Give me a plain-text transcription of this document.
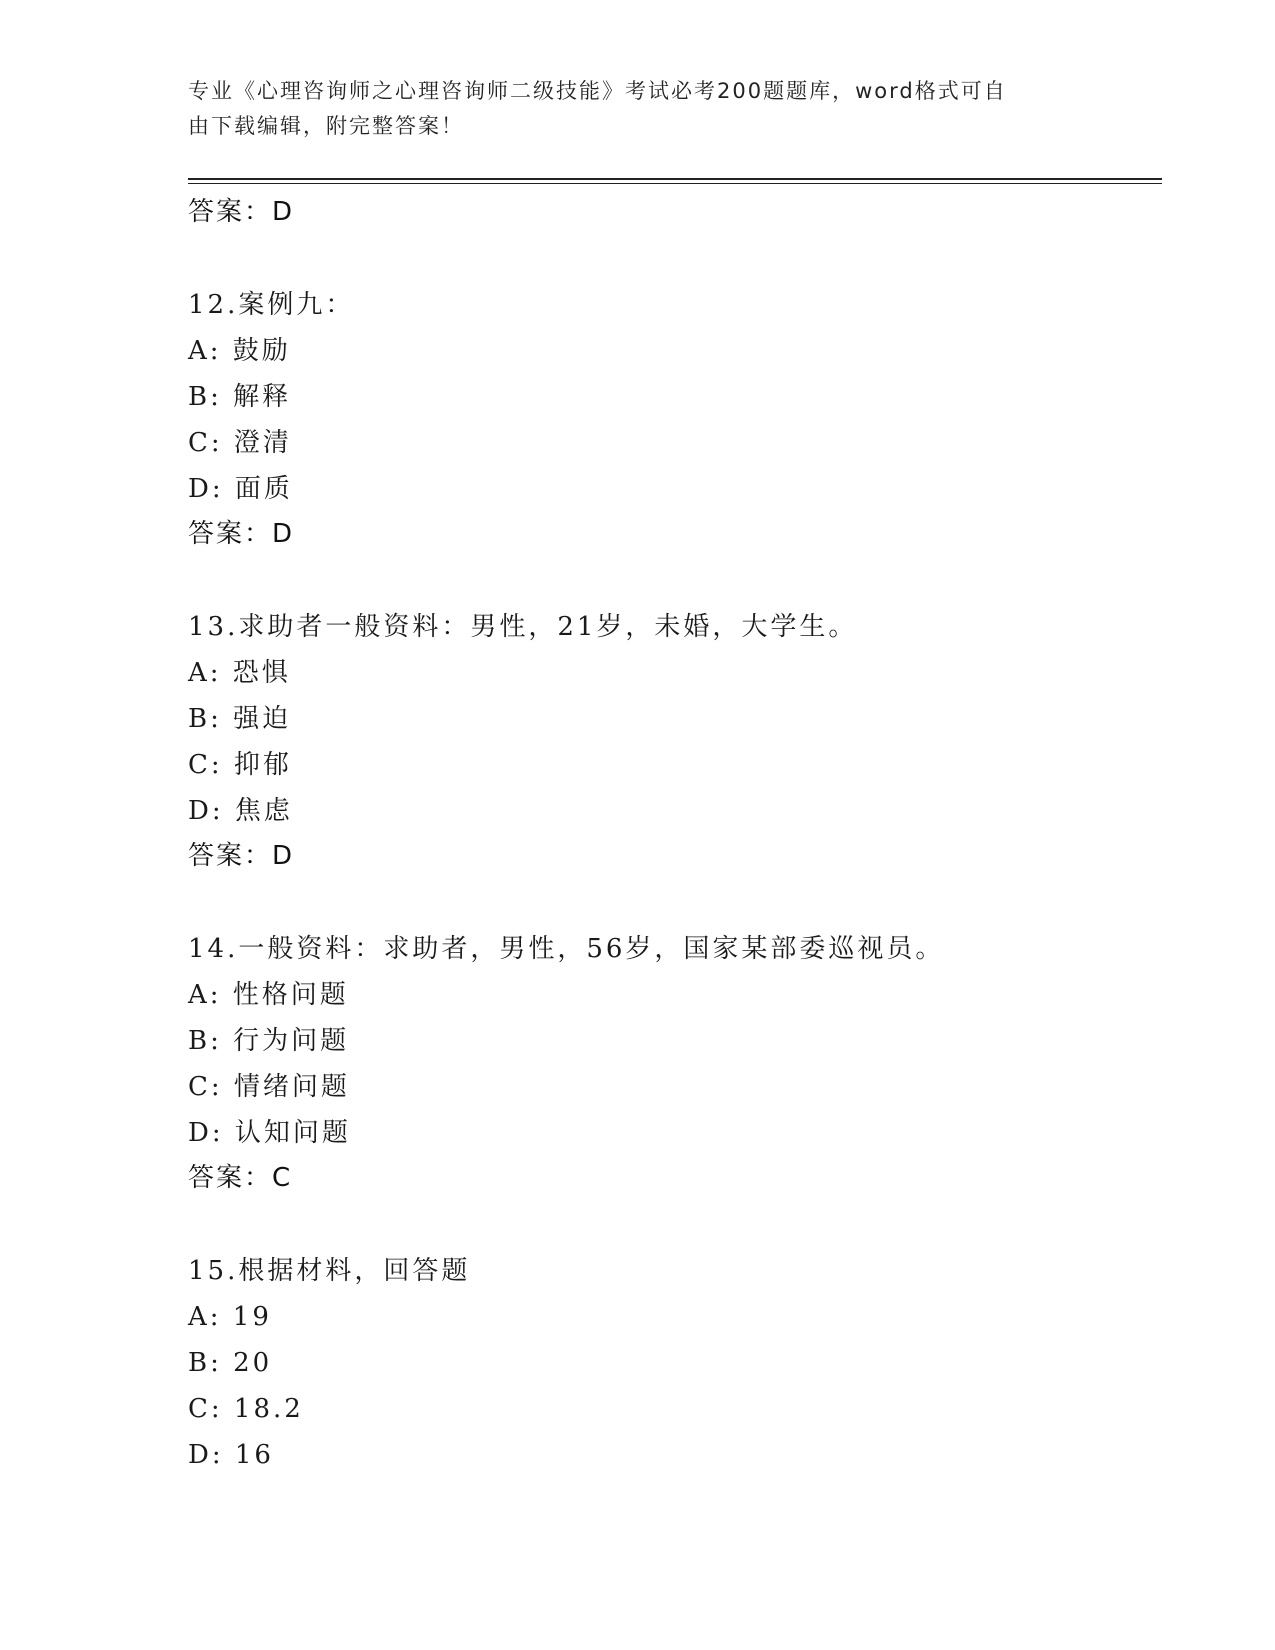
专业《心理咨询师之心理咨询师二级技能》考试必考200题题库，word格式可自
由下载编辑，附完整答案！
答案：D
12.案例九：
A: 鼓励
B: 解释
C: 澄清
D: 面质
答案：D
13.求助者一般资料：男性，21岁，未婚，大学生。
A: 恐惧
B: 强迫
C: 抑郁
D: 焦虑
答案：D
14.一般资料：求助者，男性，56岁，国家某部委巡视员。
A: 性格问题
B: 行为问题
C: 情绪问题
D: 认知问题
答案：C
15.根据材料，回答题
A: 19
B: 20
C: 18.2
D: 16
